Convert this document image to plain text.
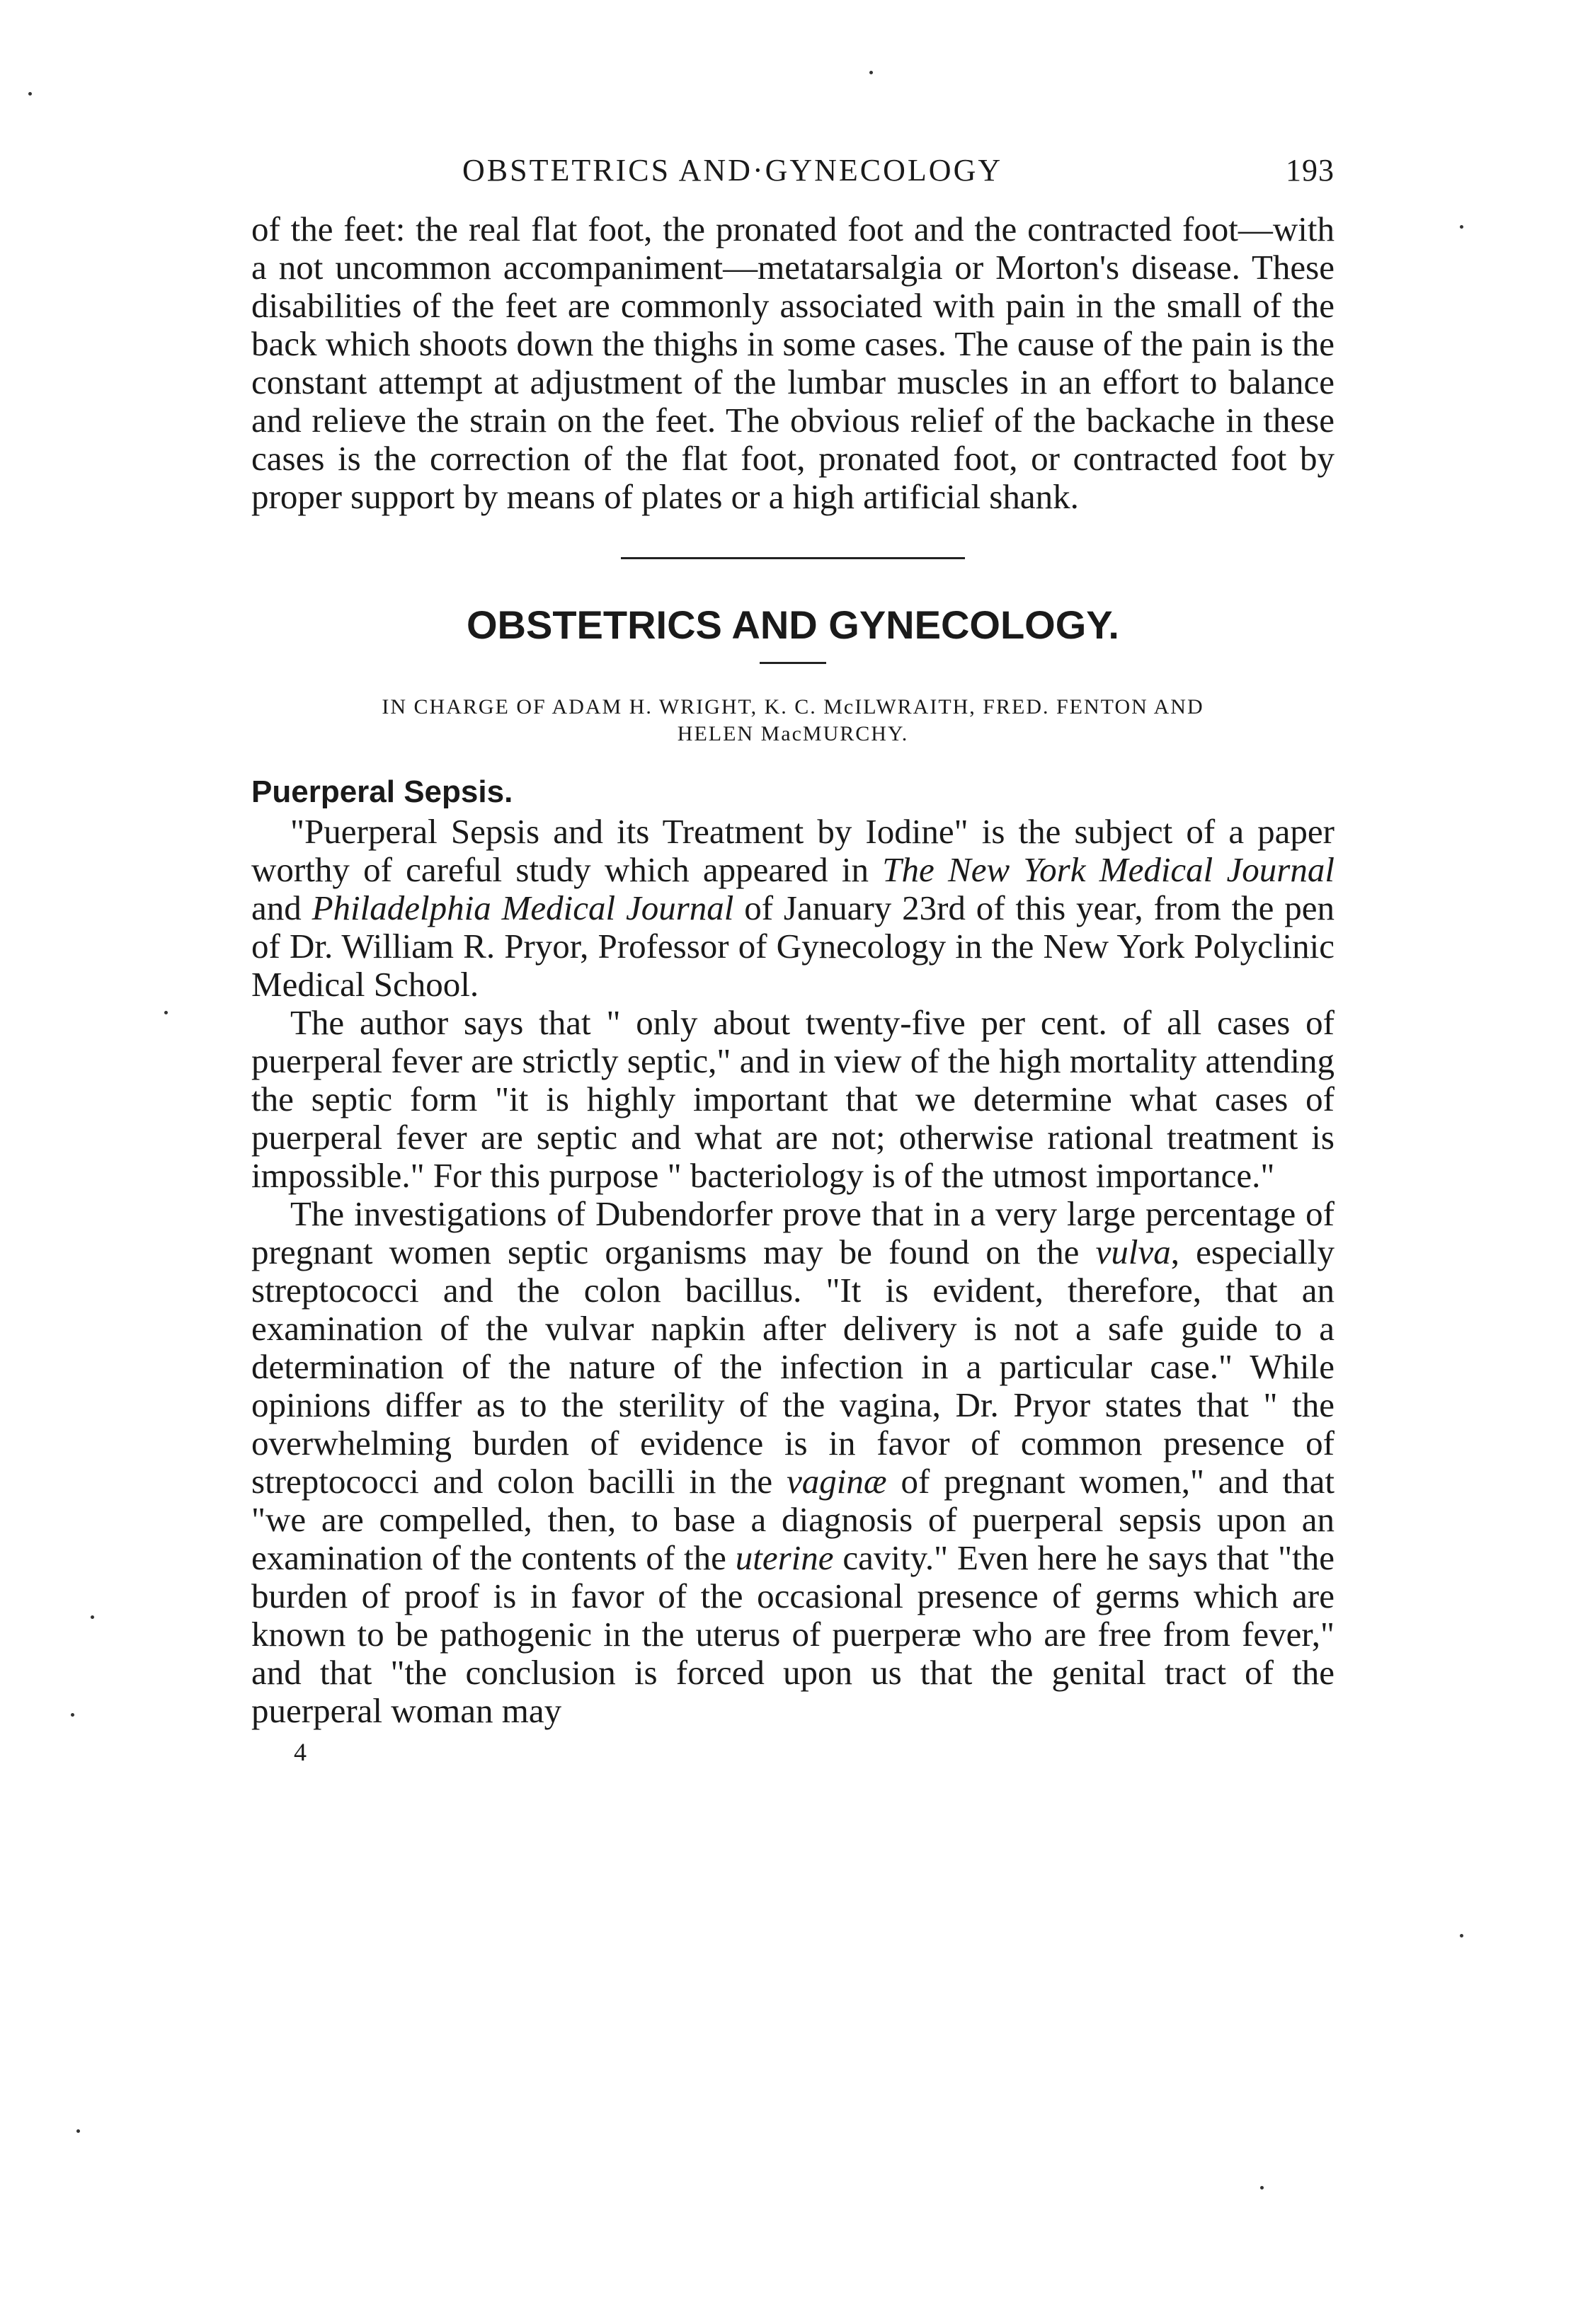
OBSTETRICS AND·GYNECOLOGY	193

of the feet: the real flat foot, the pronated foot and the contracted foot—with a not uncommon accompaniment—metatarsalgia or Morton's disease. These disabilities of the feet are commonly associated with pain in the small of the back which shoots down the thighs in some cases. The cause of the pain is the constant attempt at adjustment of the lumbar muscles in an effort to balance and relieve the strain on the feet. The obvious relief of the backache in these cases is the correction of the flat foot, pronated foot, or contracted foot by proper support by means of plates or a high artificial shank.

OBSTETRICS AND GYNECOLOGY.
IN CHARGE OF ADAM H. WRIGHT, K. C. McILWRAITH, FRED. FENTON AND
HELEN MacMURCHY.
Puerperal Sepsis.

"Puerperal Sepsis and its Treatment by Iodine" is the subject of a paper worthy of careful study which appeared in The New York Medical Journal and Philadelphia Medical Journal of January 23rd of this year, from the pen of Dr. William R. Pryor, Professor of Gynecology in the New York Polyclinic Medical School.

The author says that " only about twenty-five per cent. of all cases of puerperal fever are strictly septic," and in view of the high mortality attending the septic form "it is highly important that we determine what cases of puerperal fever are septic and what are not; otherwise rational treatment is impossible." For this purpose " bacteriology is of the utmost importance."

The investigations of Dubendorfer prove that in a very large percentage of pregnant women septic organisms may be found on the vulva, especially streptococci and the colon bacillus. "It is evident, therefore, that an examination of the vulvar napkin after delivery is not a safe guide to a determination of the nature of the infection in a particular case." While opinions differ as to the sterility of the vagina, Dr. Pryor states that " the overwhelming burden of evidence is in favor of common presence of streptococci and colon bacilli in the vaginæ of pregnant women," and that "we are compelled, then, to base a diagnosis of puerperal sepsis upon an examination of the contents of the uterine cavity." Even here he says that "the burden of proof is in favor of the occasional presence of germs which are known to be pathogenic in the uterus of puerperæ who are free from fever," and that "the conclusion is forced upon us that the genital tract of the puerperal woman may

4
